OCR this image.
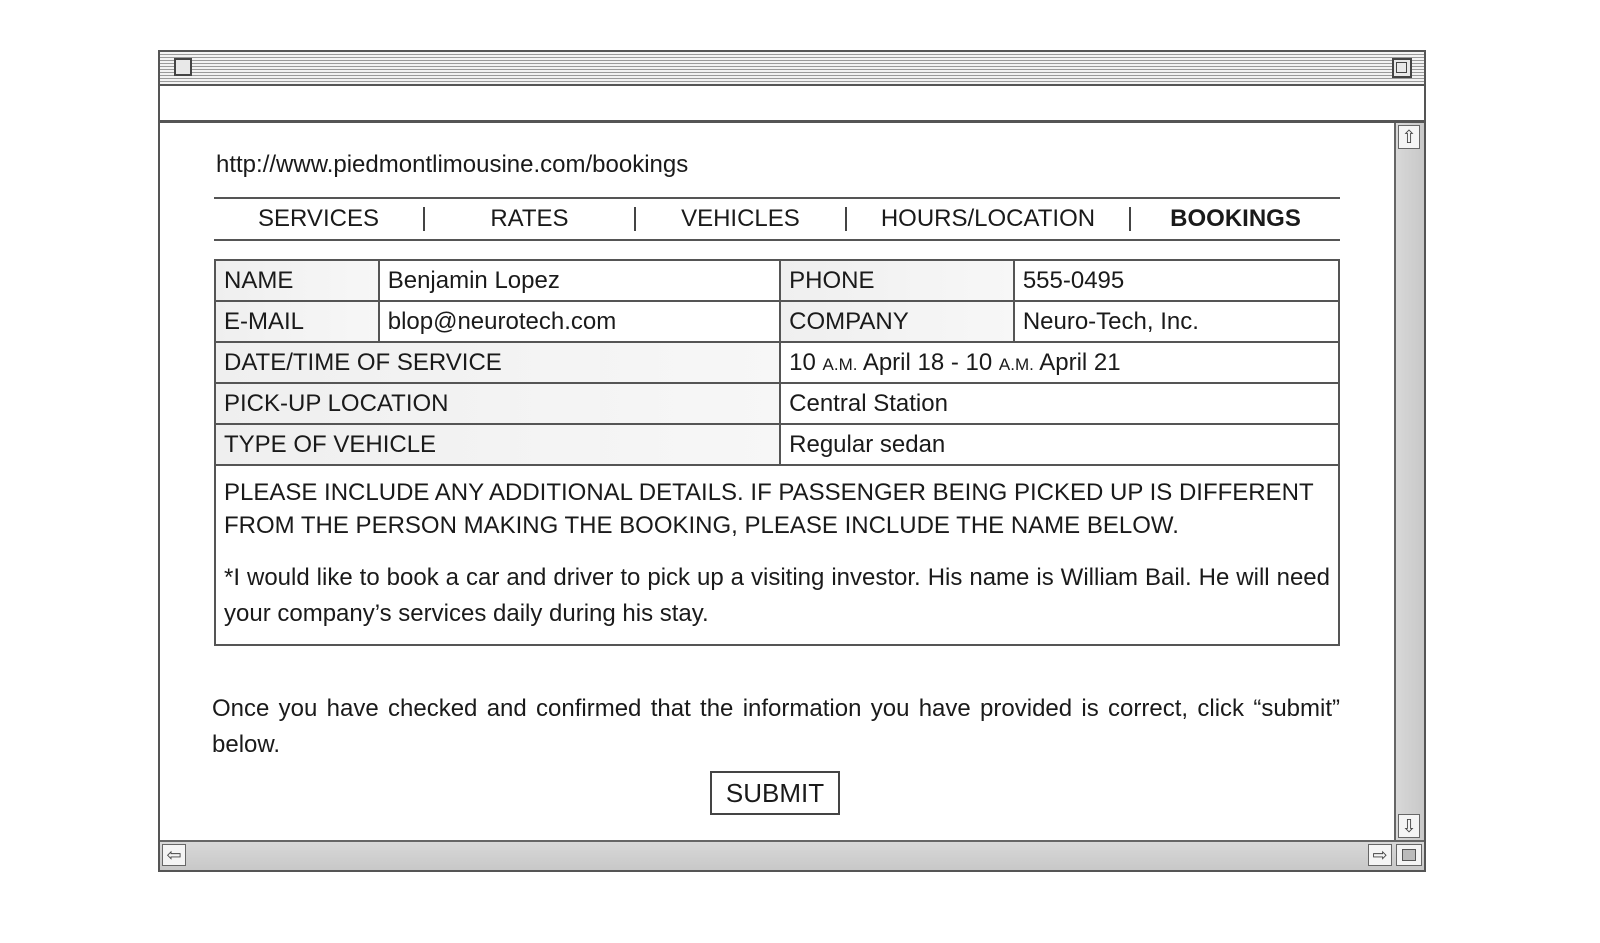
http://www.piedmontlimousine.com/bookings
SERVICES	RATES	VEHICLES	HOURS/LOCATION	BOOKINGS
NAME	Benjamin Lopez	PHONE	555-0495
E-MAIL	blop@neurotech.com	COMPANY	Neuro-Tech, Inc.
DATE/TIME OF SERVICE		10 A.M. April 18 - 10 A.M. April 21	
PICK-UP LOCATION		Central Station	
TYPE OF VEHICLE		Regular sedan	

PLEASE INCLUDE ANY ADDITIONAL DETAILS. IF PASSENGER BEING PICKED UP IS DIFFERENT FROM THE PERSON MAKING THE BOOKING, PLEASE INCLUDE THE NAME BELOW.
*I would like to book a car and driver to pick up a visiting investor. His name is William Bail. He will need your company’s services daily during his stay.			
Once you have checked and confirmed that the information you have provided is correct, click “submit” below.
SUBMIT
⇧
⇩
⇦	⇨
